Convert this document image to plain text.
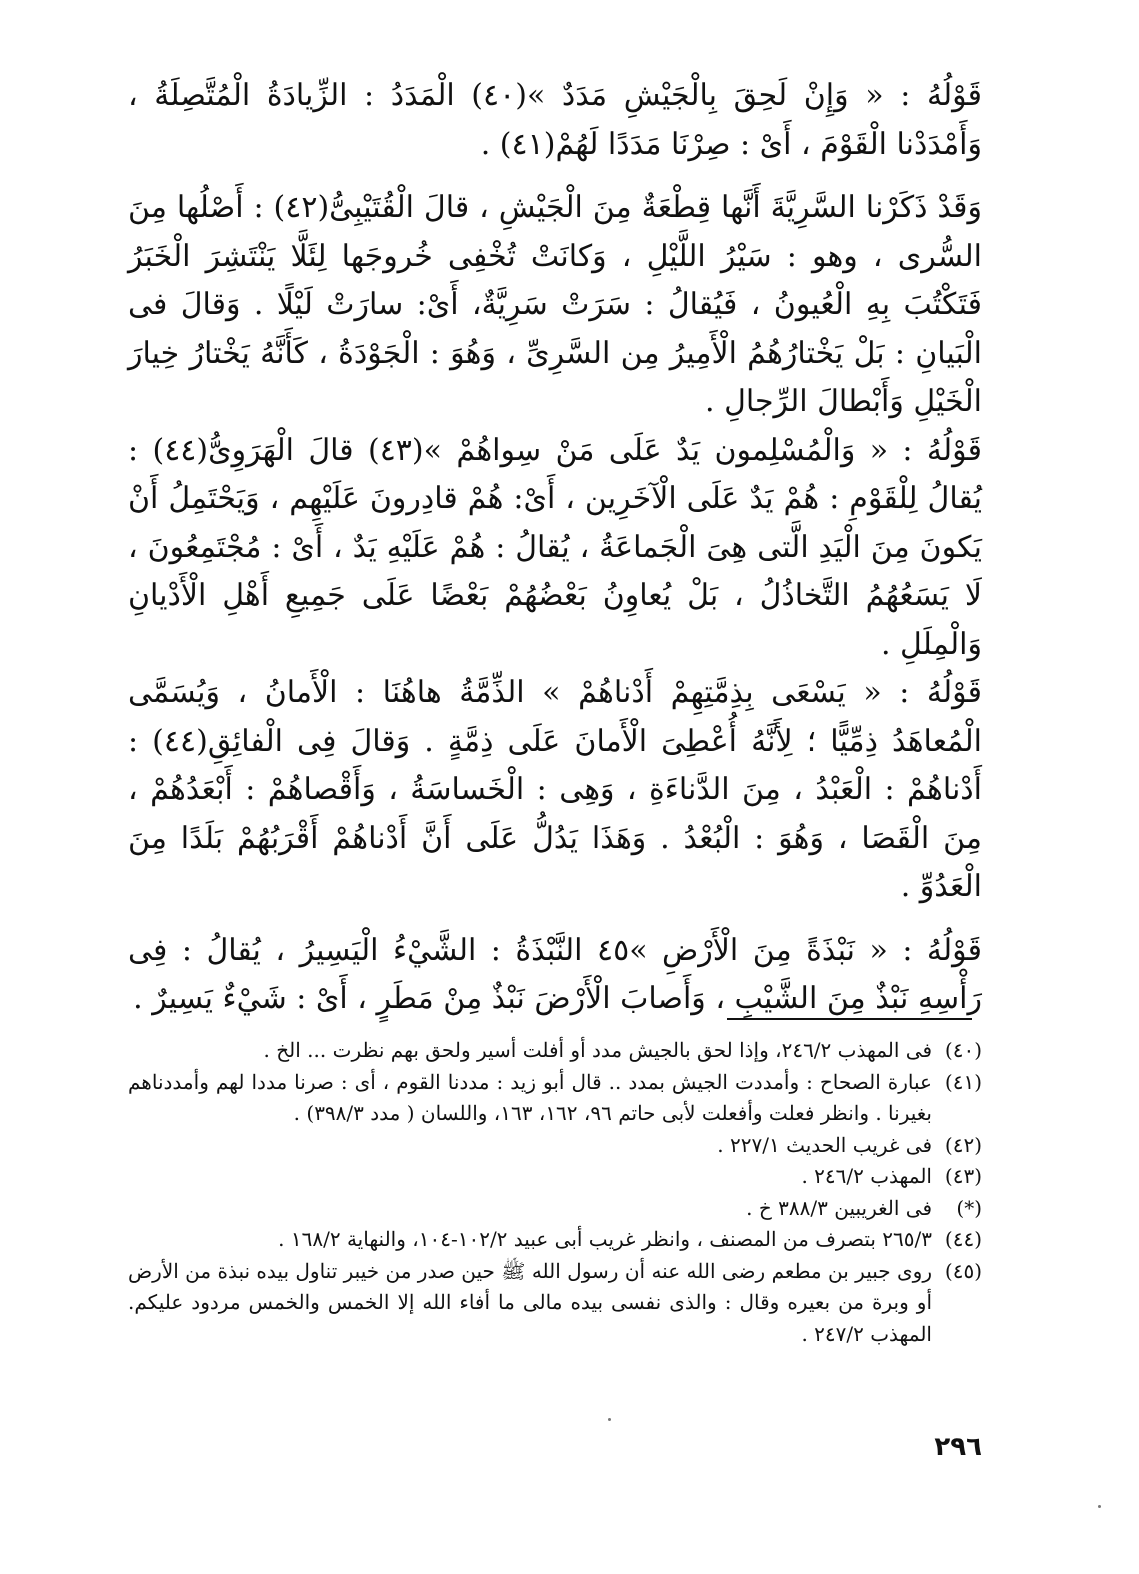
قَوْلُهُ : « وَإِنْ لَحِقَ بِالْجَيْشِ مَدَدٌ »(٤٠) الْمَدَدُ : الزِّيادَةُ الْمُتَّصِلَةُ ، وَأَمْدَدْنا الْقَوْمَ ، أَىْ : صِرْنَا مَدَدًا لَهُمْ(٤١) .

وَقَدْ ذَكَرْنا السَّرِيَّةَ أَنَّها قِطْعَةٌ مِنَ الْجَيْشِ ، قالَ الْقُتَيْبِىُّ(٤٢) : أَصْلُها مِنَ السُّرى ، وهو : سَيْرُ اللَّيْلِ ، وَكانَتْ تُخْفِى خُروجَها لِئَلَّا يَنْتَشِرَ الْخَبَرُ فَتَكْتُبَ بِهِ الْعُيونُ ، فَيُقالُ : سَرَتْ سَرِيَّةٌ، أَىْ: سارَتْ لَيْلًا . وَقالَ فى الْبَيانِ : بَلْ يَخْتارُهُمُ الْأَمِيرُ مِن السَّرِىِّ ، وَهُوَ : الْجَوْدَةُ ، كَأَنَّهُ يَخْتارُ خِيارَ الْخَيْلِ وَأَبْطالَ الرِّجالِ .

قَوْلُهُ : « وَالْمُسْلِمون يَدٌ عَلَى مَنْ سِواهُمْ »(٤٣) قالَ الْهَرَوِىُّ(٤٤) : يُقالُ لِلْقَوْمِ : هُمْ يَدٌ عَلَى الْآخَرِين ، أَىْ: هُمْ قادِرونَ عَلَيْهِم ، وَيَحْتَمِلُ أَنْ يَكونَ مِنَ الْيَدِ الَّتى هِىَ الْجَماعَةُ ، يُقالُ : هُمْ عَلَيْهِ يَدٌ ، أَىْ : مُجْتَمِعُونَ ، لَا يَسَعُهُمُ التَّخاذُلُ ، بَلْ يُعاوِنُ بَعْضُهُمْ بَعْضًا عَلَى جَمِيعِ أَهْلِ الْأَدْيانِ وَالْمِلَلِ .

قَوْلُهُ : « يَسْعَى بِذِمَّتِهِمْ أَدْناهُمْ » الذِّمَّةُ هاهُنَا : الْأَمانُ ، وَيُسَمَّى الْمُعاهَدُ ذِمِّيًّا ؛ لِأَنَّهُ أُعْطِىَ الْأَمانَ عَلَى ذِمَّةٍ . وَقالَ فِى الْفائِقِ(٤٤) : أَدْناهُمْ : الْعَبْدُ ، مِنَ الدَّناءَةِ ، وَهِى : الْخَساسَةُ ، وَأَقْصاهُمْ : أَبْعَدُهُمْ ، مِنَ الْقَصَا ، وَهُوَ : الْبُعْدُ . وَهَذَا يَدُلُّ عَلَى أَنَّ أَدْناهُمْ أَقْرَبُهُمْ بَلَدًا مِنَ الْعَدُوِّ .

قَوْلُهُ : « نَبْذَةً مِنَ الْأَرْضِ »٤٥ النَّبْذَةُ : الشَّيْءُ الْيَسِيرُ ، يُقالُ : فِى رَأْسِهِ نَبْذٌ مِنَ الشَّيْبِ ، وَأَصابَ الْأَرْضَ نَبْذٌ مِنْ مَطَرٍ ، أَىْ : شَيْءٌ يَسِيرٌ .

(٤٠)
فى المهذب ٢٤٦/٢، وإذا لحق بالجيش مدد أو أفلت أسير ولحق بهم نظرت ... الخ .
(٤١)
عبارة الصحاح : وأمددت الجيش بمدد .. قال أبو زيد : مددنا القوم ، أى : صرنا مددا لهم وأمددناهم بغيرنا . وانظر فعلت وأفعلت لأبى حاتم ٩٦، ١٦٢، ١٦٣، واللسان ( مدد ٣٩٨/٣) .
(٤٢)
فى غريب الحديث ٢٢٧/١ .
(٤٣)
المهذب ٢٤٦/٢ .
(*)
فى الغريبين ٣٨٨/٣ خ .
(٤٤)
٢٦٥/٣ بتصرف من المصنف ، وانظر غريب أبى عبيد ١٠٢/٢-١٠٤، والنهاية ١٦٨/٢ .
(٤٥)
روى جبير بن مطعم رضى الله عنه أن رسول الله ﷺ حين صدر من خيبر تناول بيده نبذة من الأرض أو وبرة من بعيره وقال : والذى نفسى بيده مالى ما أفاء الله إلا الخمس والخمس مردود عليكم. المهذب ٢٤٧/٢ .
٢٩٦
